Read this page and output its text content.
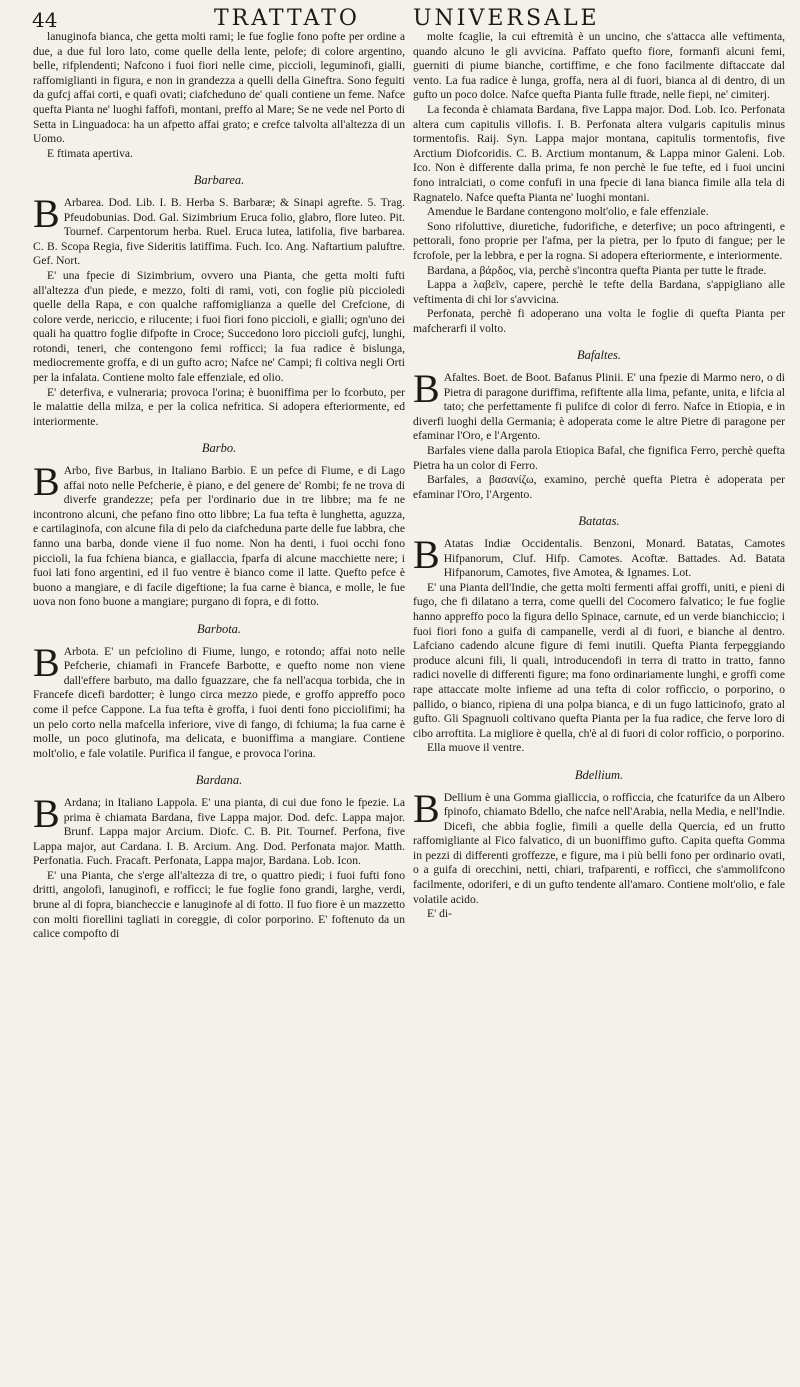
44	TRATTATO UNIVERSALE

lanuginofa bianca, che getta molti rami; le fue foglie fono pofte per ordine a due, a due ful loro lato, come quelle della lente, pelofe; di colore argentino, belle, rifplendenti; Nafcono i fuoi fiori nelle cime, piccioli, leguminofi, gialli, raffomiglianti in figura, e non in grandezza a quelli della Gineftra. Sono feguiti da gufcj affai corti, e quafi ovati; ciafcheduno de' quali contiene un feme. Nafce quefta Pianta ne' luoghi faffofi, montani, preffo al Mare; Se ne vede nel Porto di Setta in Linguadoca: ha un afpetto affai grato; e crefce talvolta all'altezza di un Uomo.

E ftimata apertiva.

Barbarea.

B Arbarea. Dod. Lib. I. B. Herba S. Barbaræ; & Sinapi agrefte. 5. Trag. Pfeudobunias. Dod. Gal. Sizimbrium Eruca folio, glabro, flore luteo. Pit. Tournef. Carpentorum herba. Ruel. Eruca lutea, latifolia, five barbarea. C. B. Scopa Regia, five Sideritis latiffima. Fuch. Ico. Ang. Naftartium paluftre. Gef. Nort.

E' una fpecie di Sizimbrium, ovvero una Pianta, che getta molti fufti all'altezza d'un piede, e mezzo, folti di rami, voti, con foglie più piccioledi quelle della Rapa, e con qualche raffomiglianza a quelle del Crefcione, di colore verde, nericcio, e rilucente; i fuoi fiori fono piccioli, e gialli; ogn'uno dei quali ha quattro foglie difpofte in Croce; Succedono loro piccioli gufcj, lunghi, rotondi, teneri, che contengono femi rofficci; la fua radice è bislunga, mediocremente groffa, e di un gufto acro; Nafce ne' Campi; fi coltiva negli Orti per la infalata. Contiene molto fale effenziale, ed olio.

E' deterfiva, e vulneraria; provoca l'orina; è buoniffima per lo fcorbuto, per le malattie della milza, e per la colica nefritica. Si adopera efteriormente, ed interiormente.

Barbo.

B Arbo, five Barbus, in Italiano Barbio. E un pefce di Fiume, e di Lago affai noto nelle Pefcherie, è piano, e del genere de' Rombi; fe ne trova di diverfe grandezze; pefa per l'ordinario due in tre libbre; ma fe ne incontrono alcuni, che pefano fino otto libbre; La fua tefta è lunghetta, aguzza, e cartilaginofa, con alcune fila di pelo da ciafcheduna parte delle fue labbra, che fanno una barba, donde viene il fuo nome. Non ha denti, i fuoi occhi fono piccioli, la fua fchiena bianca, e giallaccia, fparfa di alcune macchiette nere; i fuoi lati fono argentini, ed il fuo ventre è bianco come il latte. Quefto pefce è buono a mangiare, e di facile digeftione; la fua carne è bianca, e molle, le fue uova non fono buone a mangiare; purgano di fopra, e di fotto.

Barbota.

B Arbota. E' un pefciolino di Fiume, lungo, e rotondo; affai noto nelle Pefcherie, chiamafi in Francefe Barbotte, e quefto nome non viene dall'effere barbuto, ma dallo fguazzare, che fa nell'acqua torbida, che in Francefe dicefi bardotter; è lungo circa mezzo piede, e groffo appreffo poco come il pefce Cappone. La fua tefta è groffa, i fuoi denti fono picciolifimi; ha un pelo corto nella mafcella inferiore, vive di fango, di fchiuma; la fua carne è molle, un poco glutinofa, ma delicata, e buoniffima a mangiare. Contiene molt'olio, e fale volatile. Purifica il fangue, e provoca l'orina.

Bardana.

B Ardana; in Italiano Lappola. E' una pianta, di cui due fono le fpezie. La prima è chiamata Bardana, five Lappa major. Dod. defc. Lappa major. Brunf. Lappa major Arcium. Diofc. C. B. Pit. Tournef. Perfona, five Lappa major, aut Cardana. I. B. Arcium. Ang. Dod. Perfonata major. Matth. Perfonatia. Fuch. Fracaft. Perfonata, Lappa major, Bardana. Lob. Icon.

E' una Pianta, che s'erge all'altezza di tre, o quattro piedi; i fuoi fufti fono dritti, angolofi, lanuginofi, e roffìcci; le fue foglie fono grandi, larghe, verdi, brune al di fopra, biancheccie e lanuginofe al di fotto. Il fuo fiore è un mazzetto con molti fiorellini tagliati in coreggie, di color porporino. E' foftenuto da un calice compofto di

molte fcaglie, la cui eftremità è un uncino, che s'attacca alle veftimenta, quando alcuno le gli avvicina. Paffato quefto fiore, formanfi alcuni femi, guerniti di piume bianche, cortiffime, e che fono facilmente diftaccate dal vento. La fua radice è lunga, groffa, nera al di fuori, bianca al di dentro, di un gufto un poco dolce. Nafce quefta Pianta fulle ftrade, nelle fiepi, ne' cimiterj.

La feconda è chiamata Bardana, five Lappa major. Dod. Lob. Ico. Perfonata altera cum capitulis villofis. I. B. Perfonata altera vulgaris capitulis minus tormentofis. Raij. Syn. Lappa major montana, capitulis tormentofis, five Arctium Diofcoridis. C. B. Arctium montanum, & Lappa minor Galeni. Lob. Ico. Non è differente dalla prima, fe non perchè le fue tefte, ed i fuoi uncini fono intralciati, o come confufi in una fpecie di lana bianca fimile alla tela di Ragnatelo. Nafce quefta Pianta ne' luoghi montani.

Amendue le Bardane contengono molt'olio, e fale effenziale.

Sono rifoluttive, diuretiche, fudorifiche, e deterfive; un poco aftringenti, e pettorali, fono proprie per l'afma, per la pietra, per lo fputo di fangue; per le fcrofole, per la lebbra, e per la rogna. Si adopera efteriormente, e interiormente.

Bardana, a βάρδος, via, perchè s'incontra quefta Pianta per tutte le ftrade.

Lappa a λαβεῖν, capere, perchè le tefte della Bardana, s'appigliano alle veftimenta di chi lor s'avvicina.

Perfonata, perchè fi adoperano una volta le foglie di quefta Pianta per mafcherarfi il volto.

Bafaltes.

B Afaltes. Boet. de Boot. Bafanus Plinii. E' una fpezie di Marmo nero, o di Pietra di paragone duriffima, refiftente alla lima, pefante, unita, e lifcia al tato; che perfettamente fi pulifce di color di ferro. Nafce in Etiopia, e in diverfi luoghi della Germania; è adoperata come le altre Pietre di paragone per efaminar l'Oro, e l'Argento.

Barfales viene dalla parola Etiopica Bafal, che fignifica Ferro, perchè quefta Pietra ha un color di Ferro.

Barfales, a βασανίζω, examino, perchè quefta Pietra è adoperata per efaminar l'Oro, l'Argento.

Batatas.

B Atatas Indiæ Occidentalis. Benzoni, Monard. Batatas, Camotes Hifpanorum, Cluf. Hifp. Camotes. Acoftæ. Battades. Ad. Batata Hifpanorum, Camotes, five Amotea, & Ignames. Lot.

E' una Pianta dell'Indie, che getta molti fermenti affai groffi, uniti, e pieni di fugo, che fi dilatano a terra, come quelli del Cocomero falvatico; le fue foglie hanno appreffo poco la figura dello Spinace, carnute, ed un verde bianchiccio; i fuoi fiori fono a guifa di campanelle, verdi al di fuori, e bianche al dentro. Lafciano cadendo alcune figure di femi inutili. Quefta Pianta ferpeggiando produce alcuni fili, li quali, introducendofi in terra di tratto in tratto, fanno radici novelle di differenti figure; ma fono ordinariamente lunghi, e groffi come rape attaccate molte infieme ad una tefta di color roffìccio, o porporino, o pallido, o bianco, ripiena di una polpa bianca, e di un fugo latticinofo, grato al gufto. Gli Spagnuoli coltivano quefta Pianta per la fua radice, che ferve loro di cibo arroftita. La migliore è quella, ch'è al di fuori di color roffìcio, o porporino.

Ella muove il ventre.

Bdellium.

B Dellium è una Gomma gialliccia, o roffìccia, che fcaturifce da un Albero fpinofo, chiamato Bdello, che nafce nell'Arabia, nella Media, e nell'Indie. Dicefi, che abbia foglie, fimili a quelle della Quercia, ed un frutto raffomigliante al Fico falvatico, di un buoniffimo gufto. Capita quefta Gomma in pezzi di differenti groffezze, e figure, ma i più belli fono per ordinario ovati, o a guifa di orecchini, netti, chiari, trafparenti, e roffìcci, che s'ammolifcono facilmente, odoriferi, e di un gufto tendente all'amaro. Contiene molt'olio, e fale volatile acido.

E' di-
